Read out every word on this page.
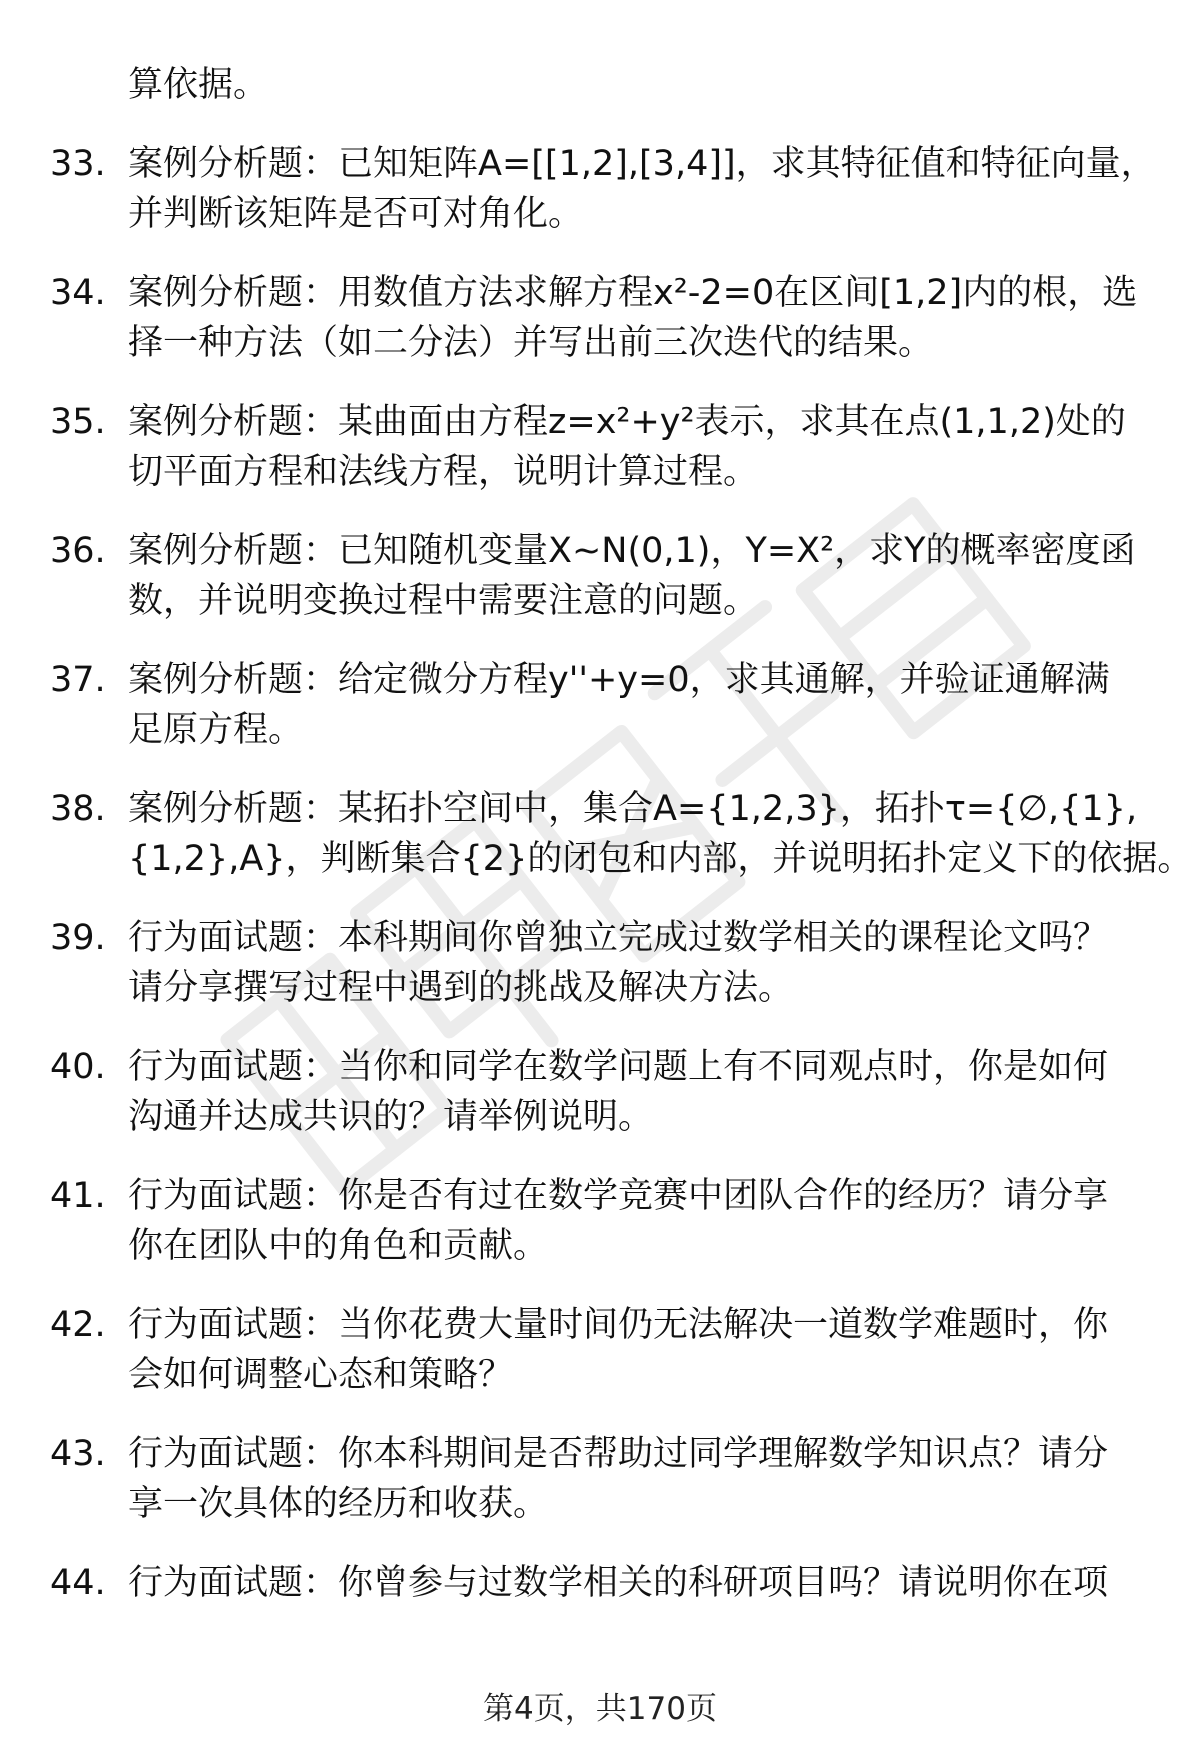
算依据。
33. 案例分析题：已知矩阵A=[[1,2],[3,4]]，求其特征值和特征向量，
并判断该矩阵是否可对角化。
34. 案例分析题：用数值方法求解方程x²-2=0在区间[1,2]内的根，选
择一种方法（如二分法）并写出前三次迭代的结果。
35. 案例分析题：某曲面由方程z=x²+y²表示，求其在点(1,1,2)处的
切平面方程和法线方程，说明计算过程。
36. 案例分析题：已知随机变量X~N(0,1)，Y=X²，求Y的概率密度函
数，并说明变换过程中需要注意的问题。
37. 案例分析题：给定微分方程y''+y=0，求其通解，并验证通解满
足原方程。
38. 案例分析题：某拓扑空间中，集合A={1,2,3}，拓扑τ={∅,{1},
{1,2},A}，判断集合{2}的闭包和内部，并说明拓扑定义下的依据。
39. 行为面试题：本科期间你曾独立完成过数学相关的课程论文吗？
请分享撰写过程中遇到的挑战及解决方法。
40. 行为面试题：当你和同学在数学问题上有不同观点时，你是如何
沟通并达成共识的？请举例说明。
41. 行为面试题：你是否有过在数学竞赛中团队合作的经历？请分享
你在团队中的角色和贡献。
42. 行为面试题：当你花费大量时间仍无法解决一道数学难题时，你
会如何调整心态和策略？
43. 行为面试题：你本科期间是否帮助过同学理解数学知识点？请分
享一次具体的经历和收获。
44. 行为面试题：你曾参与过数学相关的科研项目吗？请说明你在项
第4页，共170页
